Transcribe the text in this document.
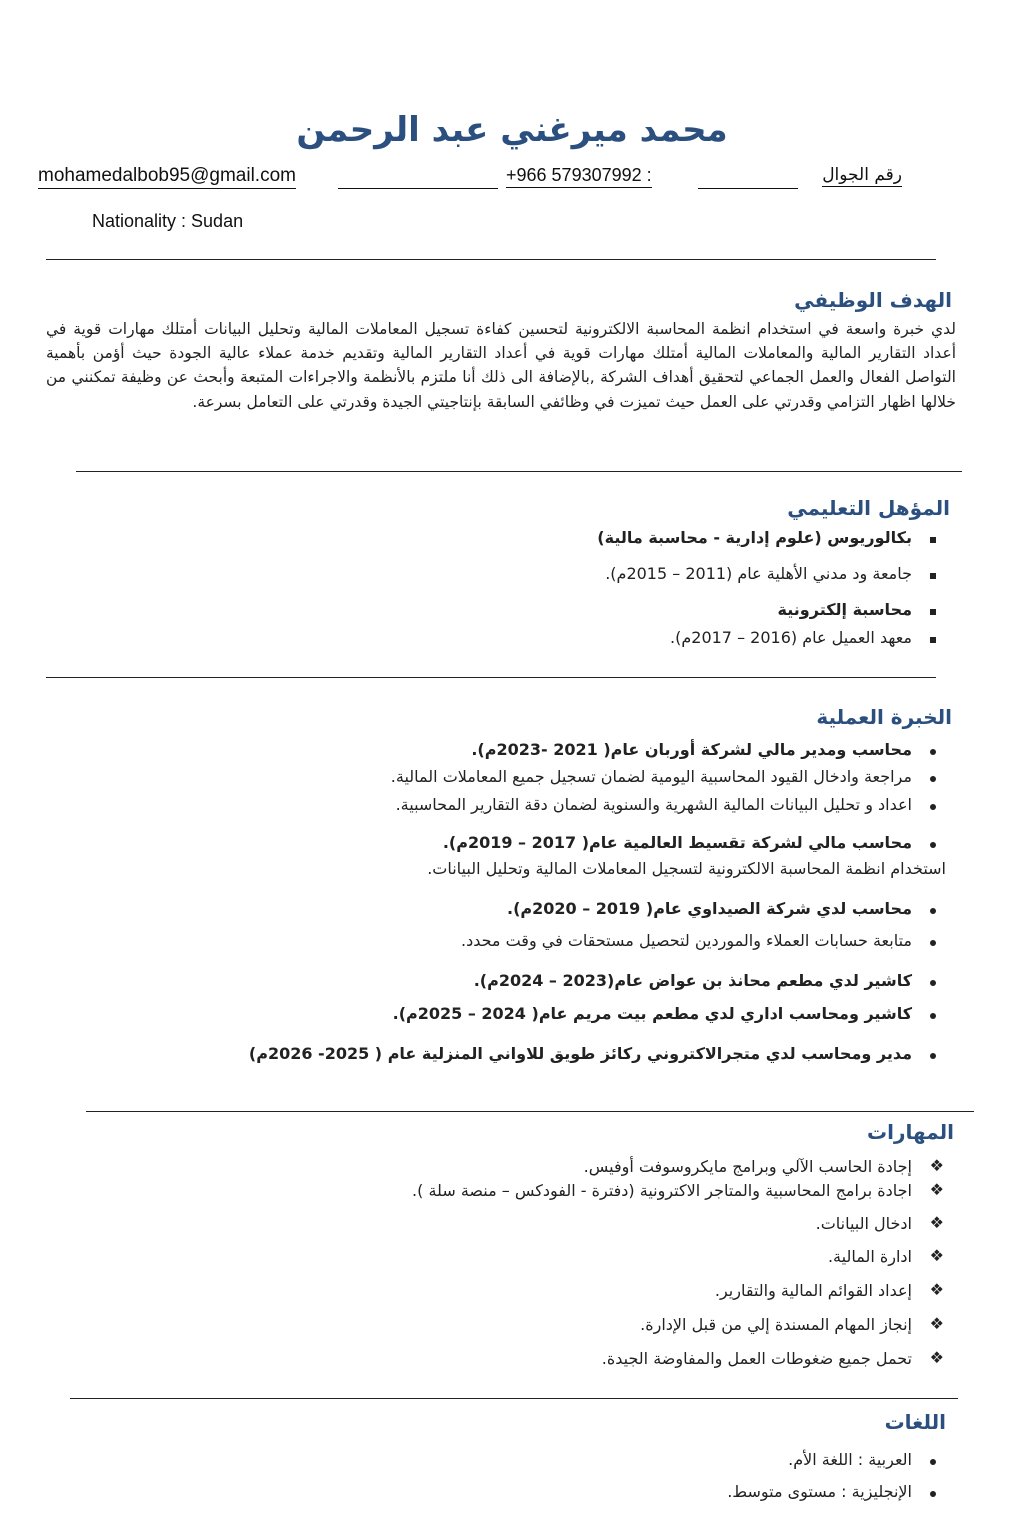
محمد ميرغني عبد الرحمن
mohamedalbob95@gmail.com	+966 579307992 :	رقم الجوال
Nationality : Sudan
الهدف الوظيفي
لدي خبرة واسعة في استخدام انظمة المحاسبة الالكترونية لتحسين كفاءة تسجيل المعاملات المالية وتحليل البيانات أمتلك مهارات قوية في أعداد التقارير المالية والمعاملات المالية أمتلك مهارات قوية في أعداد التقارير المالية وتقديم خدمة عملاء عالية الجودة حيث أؤمن بأهمية التواصل الفعال والعمل الجماعي لتحقيق أهداف الشركة ,بالإضافة الى ذلك أنا ملتزم بالأنظمة والاجراءات المتبعة وأبحث عن وظيفة تمكنني من خلالها اظهار التزامي وقدرتي على العمل حيث تميزت في وظائفي السابقة بإنتاجيتي الجيدة وقدرتي على التعامل بسرعة.
المؤهل التعليمي
بكالوريوس (علوم إدارية - محاسبة مالية)
جامعة ود مدني الأهلية عام (2011 – 2015م).
محاسبة إلكترونية
معهد العميل عام (2016 – 2017م).
الخبرة العملية
محاسب ومدير مالي لشركة أوربان عام( 2021 -2023م).
مراجعة وادخال القيود المحاسبية اليومية لضمان تسجيل جميع المعاملات المالية.
اعداد و تحليل البيانات المالية الشهرية والسنوية لضمان دقة التقارير المحاسبية.
محاسب مالي لشركة تقسيط العالمية عام( 2017 – 2019م).
استخدام انظمة المحاسبة الالكترونية لتسجيل المعاملات المالية وتحليل البيانات.
محاسب لدي شركة الصيداوي عام( 2019 – 2020م).
متابعة حسابات العملاء والموردين لتحصيل مستحقات في وقت محدد.
كاشير لدي مطعم محانذ بن عواض عام(2023 – 2024م).
كاشير ومحاسب اداري لدي مطعم بيت مريم عام( 2024 – 2025م).
مدير ومحاسب لدي متجرالاكتروني ركائز طويق للاواني المنزلية عام ( 2025- 2026م)
المهارات
❖
إجادة الحاسب الآلي وبرامج مايكروسوفت أوفيس.
❖
اجادة برامج المحاسبية والمتاجر الاكترونية (دفترة - الفودكس – منصة سلة ).
❖
ادخال البيانات.
❖
ادارة المالية.
❖
إعداد القوائم المالية والتقارير.
❖
إنجاز المهام المسندة إلي من قبل الإدارة.
❖
تحمل جميع ضغوطات العمل والمفاوضة الجيدة.
اللغات
العربية : اللغة الأم.
الإنجليزية : مستوى متوسط.
